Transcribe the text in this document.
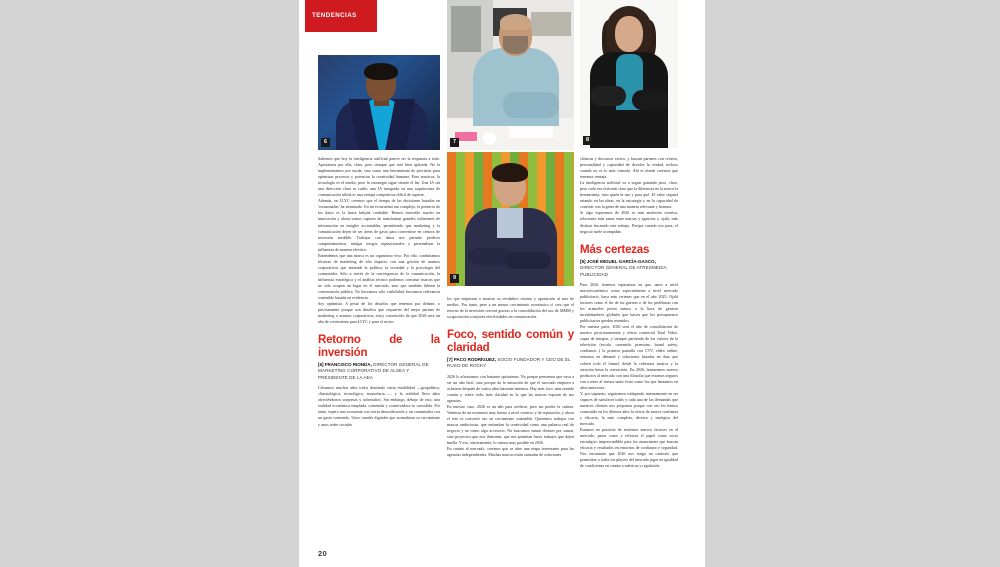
TENDENCIAS
6	7	8
9

Sabemos que hoy la inteligencia artificial parece ser la respuesta a todo. Apostamos por ella, claro, pero siempre que esté bien aplicada. No la implementamos por moda, sino como una herramienta de precisión para optimizar procesos y potenciar la creatividad humana. Para nosotros, la tecnología es el medio, pero la estrategia sigue siendo el fin. Una IA sin una dirección clara es ruido; una IA integrada en una arquitectura de comunicación sólida es una ventaja competitiva difícil de superar.

Además, en LLYC creemos que el tiempo de las decisiones basadas en 'corazonadas' ha terminado. En un ecosistema tan complejo, la potencia de los datos es la única brújula confiable. Hemos invertido mucho en innovación y ahora somos capaces de transformar grandes volúmenes de información en insights accionables, permitiendo que marketing y la comunicación dejen de ser áreas de gasto para convertirse en centros de inversión medible. Trabajar con datos nos permite predecir comportamientos, mitigar riesgos reputacionales y personalizar la influencia de manera efectiva.

Entendemos que una marca es un organismo vivo. Por ello, combinamos técnicas de marketing de alto impacto con una gestión de asuntos corporativos que entiende la política, la sociedad y la psicología del consumidor. Sólo a través de la convergencia de la comunicación, la influencia estratégica y el análisis técnico podemos construir marcas que no sólo ocupen un lugar en el mercado, sino que también lideren la conversación pública. No buscamos sólo visibilidad; buscamos relevancia sostenible basada en evidencia.

Soy optimista. A pesar de los desafíos que tenemos por delante, o precisamente porque son desafíos que requieren del mejor partner de marketing o asuntos corporativos, estoy convencido de que 2026 será un año de crecimiento para LLYC y para el sector.

Retorno de la inversión
[6] FRANCISCO RIONDA, DIRECTOR GENERAL DE MARKETING CORPORATIVO DE ALSEA Y PRESIDENTE DE LA AEA

Llevamos muchos años todos deseando cierta estabilidad —geopolítica, climatológica, tecnológica, arancelaria...— y la realidad lleva años ofreciéndonos sorpresas y sobresaltos. Sin embargo, debajo de esto, una realidad económica templada, contenida y conservadora se consolida. Por tanto, espero una economía con cierta desaceleración y un consumidor con un gasto contenido. Unos canales digitales que normalizan su crecimiento y unos redes sociales

los que empiezan a mostrar su verdadero retorno y aportación al mix de medios. Por tanto, pese a un menor crecimiento económico sí creo que el retorno de la inversión crecerá gracias a la consolidación del uso de MMM y su aportación a mejores efectividades en comunicación.

Foco, sentido común y claridad
[7] PACO RODRÍGUEZ, SOCIO FUNDADOR Y CEO DE EL RUSO DE ROCKY

2026 lo afrontamos con bastante optimismo. No porque pensemos que vaya a ser un año fácil, sino porque da la sensación de que el mercado empieza a aclararse después de varios años bastante intensos. Hay más foco, más sentido común y, sobre todo, más claridad en lo que las marcas esperan de sus agencias.

En nuestro caso, 2026 es un año para acelerar; pero sin perder la cabeza. Venimos de un momento muy bueno a nivel creativo y de reputación, y ahora el reto es convertir eso en crecimiento sostenible. Queremos trabajar con marcas ambiciosas, que entiendan la creatividad como una palanca real de negocio y no como algo accesorio. No buscamos sumar clientes por sumar, sino proyectos que nos ilusionen, que nos permitan hacer trabajos que dejen huella. Y eso, sinceramente, lo vamos muy posible en 2026.

En cuanto al mercado, creemos que se abre una etapa interesante para las agencias independientes. Muchas marcas están cansadas de soluciones

clónicas y discursos vacíos, y buscan partners con criterio, personalidad y capacidad de decirles la verdad, incluso cuando no es lo más cómodo. Ahí es donde creemos que tenemos ventaja.

La inteligencia artificial va a seguir ganando peso, claro, pero cada vez está más claro que la diferencia no la marca la herramienta, sino quién la usa y para qué. El valor seguirá estando en las ideas, en la estrategia y en la capacidad de conectar con la gente de una manera relevante y honesta.

Si algo esperamos de 2026 es más ambición creativa, relaciones más sanas entre marcas y agencias y, ojalá, más disfrute haciendo este trabajo. Porque cuando eso pasa, el negocio suele acompañar.

Más certezas
[8] JOSÉ MIGUEL GARCÍA-GASCO, DIRECTOR GENERAL DE ATRESMEDIA PUBLICIDAD

Para 2026, tenemos esperanzas en que, tanto a nivel macroeconómico como especialmente a nivel mercado publicitario, haya más certezas que en el año 2025. Ojalá factores como el fin de las guerras o de los problemas con los aranceles pesen menos a la hora de generar incertidumbres globales que hacen que los presupuestos publicitarios queden retenidos.

Por nuestra parte, 2026 será el año de consolidación de nuestro posicionamiento y oferta comercial Total Video, capaz de integrar, y siempre partiendo de los valores de la televisión (escala, contenido premium, brand safety, confianza...) la primera pantalla con CTV, vídeo online, entornos en demand y soluciones basadas en data que cobren todo el funnel, desde la cobertura masiva y la atención hasta la conversión. En 2026, lanzaremos nuevos productos al mercado con una filosofía que estamos seguros van a tener al menos tanto éxito como los que lanzamos en años anteriores.

Y, por supuesto, seguiremos trabajando intensamente en ser capaces de satisfacer todas y cada una de las demandas que nuestros clientes nos proponen porque con eso les hemos construido en los últimos años la oferta de mayor confianza y eficacia, la más completa, diversa y sinérgica del mercado.

Estamos en posición de enfrentar nuevos factores en el mercado, pasar como y reforzar el papel como socio estratégico imprescindible para los anunciantes que buscan eficacia y resultados en entornos de confianza y seguridad. Nos encantaría que 2026 nos traiga un contexto que permitiese a todos los players del mercado jugar en igualdad de condiciones en cuanto a métricas y regulación.

20
